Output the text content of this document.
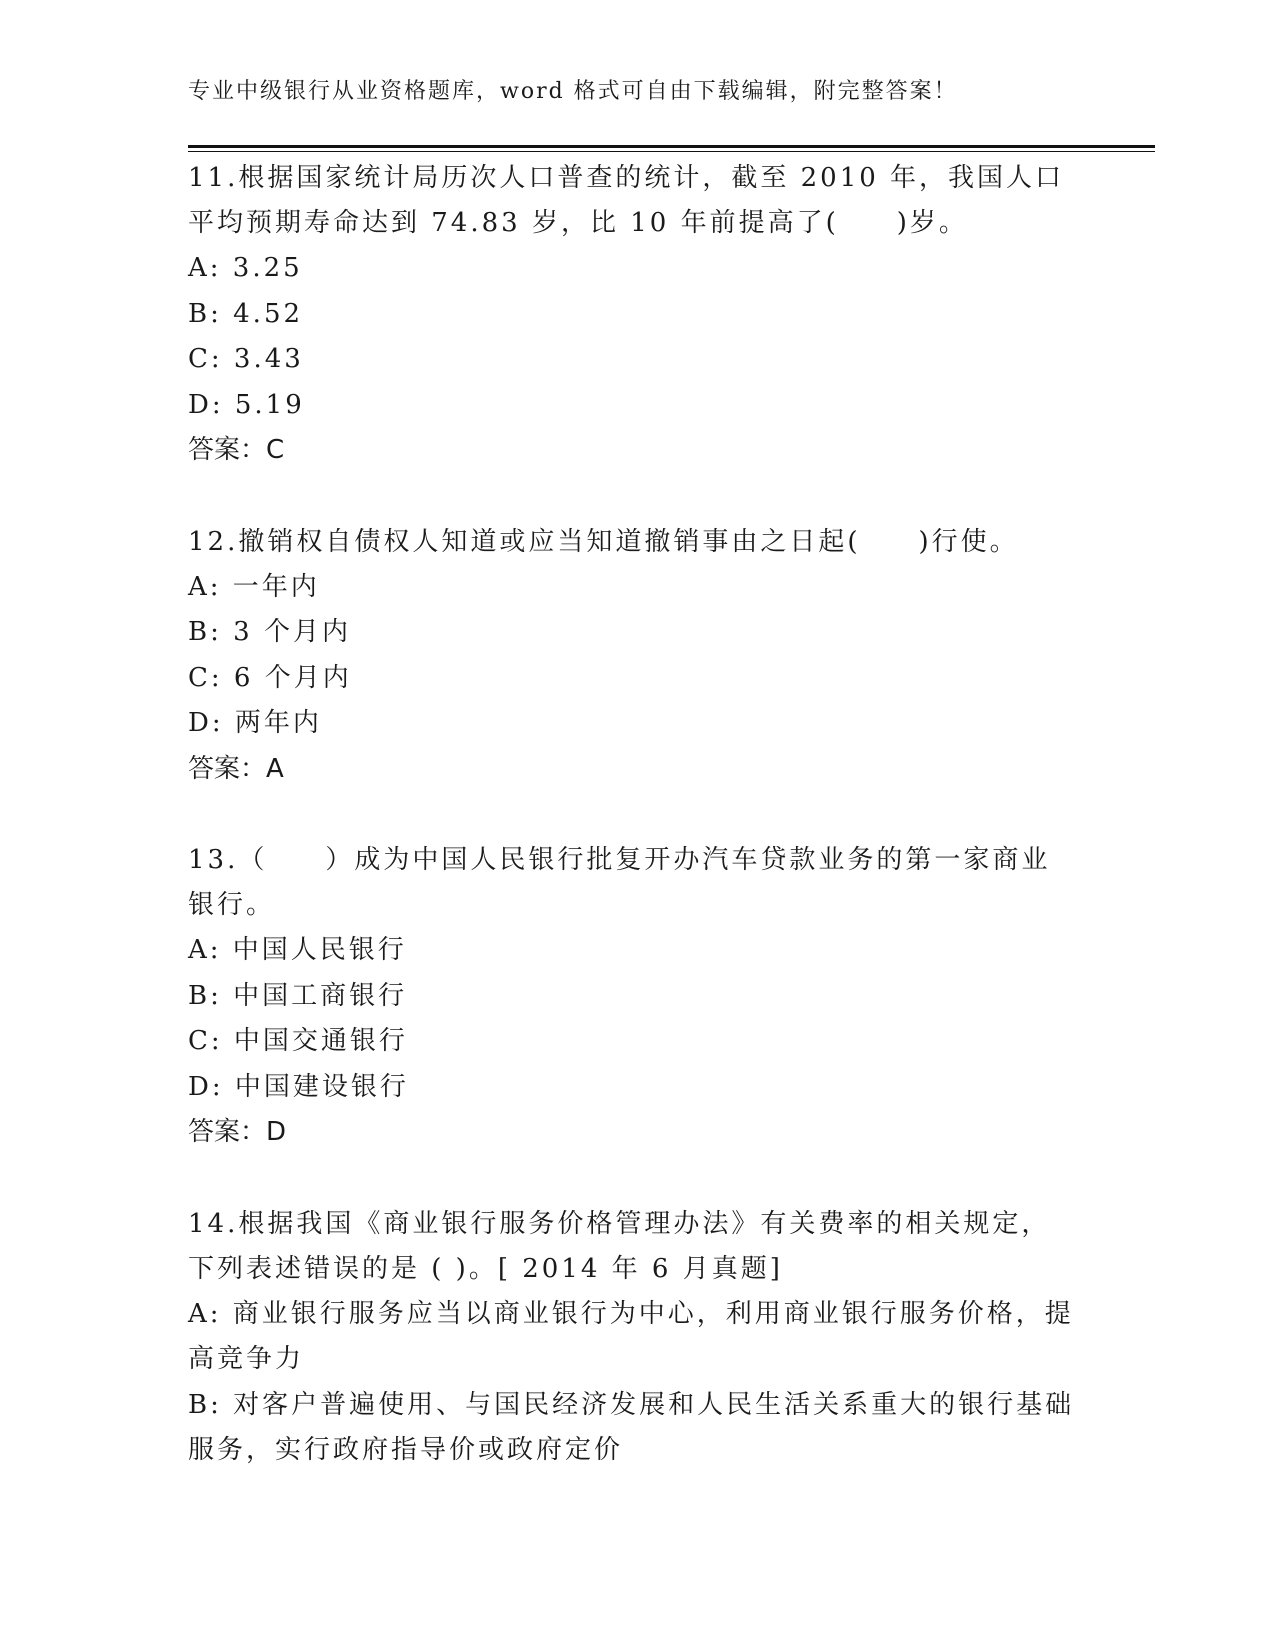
专业中级银行从业资格题库，word 格式可自由下载编辑，附完整答案！

11.根据国家统计局历次人口普查的统计，截至 2010 年，我国人口平均预期寿命达到 74.83 岁，比 10 年前提高了(　　)岁。

A: 3.25

B: 4.52

C: 3.43

D: 5.19

答案：C

12.撤销权自债权人知道或应当知道撤销事由之日起(　　)行使。

A: 一年内

B: 3 个月内

C: 6 个月内

D: 两年内

答案：A

13.（　　）成为中国人民银行批复开办汽车贷款业务的第一家商业银行。

A: 中国人民银行

B: 中国工商银行

C: 中国交通银行

D: 中国建设银行

答案：D

14.根据我国《商业银行服务价格管理办法》有关费率的相关规定，下列表述错误的是 ( )。[ 2014 年 6 月真题]

A: 商业银行服务应当以商业银行为中心，利用商业银行服务价格，提高竞争力

B: 对客户普遍使用、与国民经济发展和人民生活关系重大的银行基础服务，实行政府指导价或政府定价
